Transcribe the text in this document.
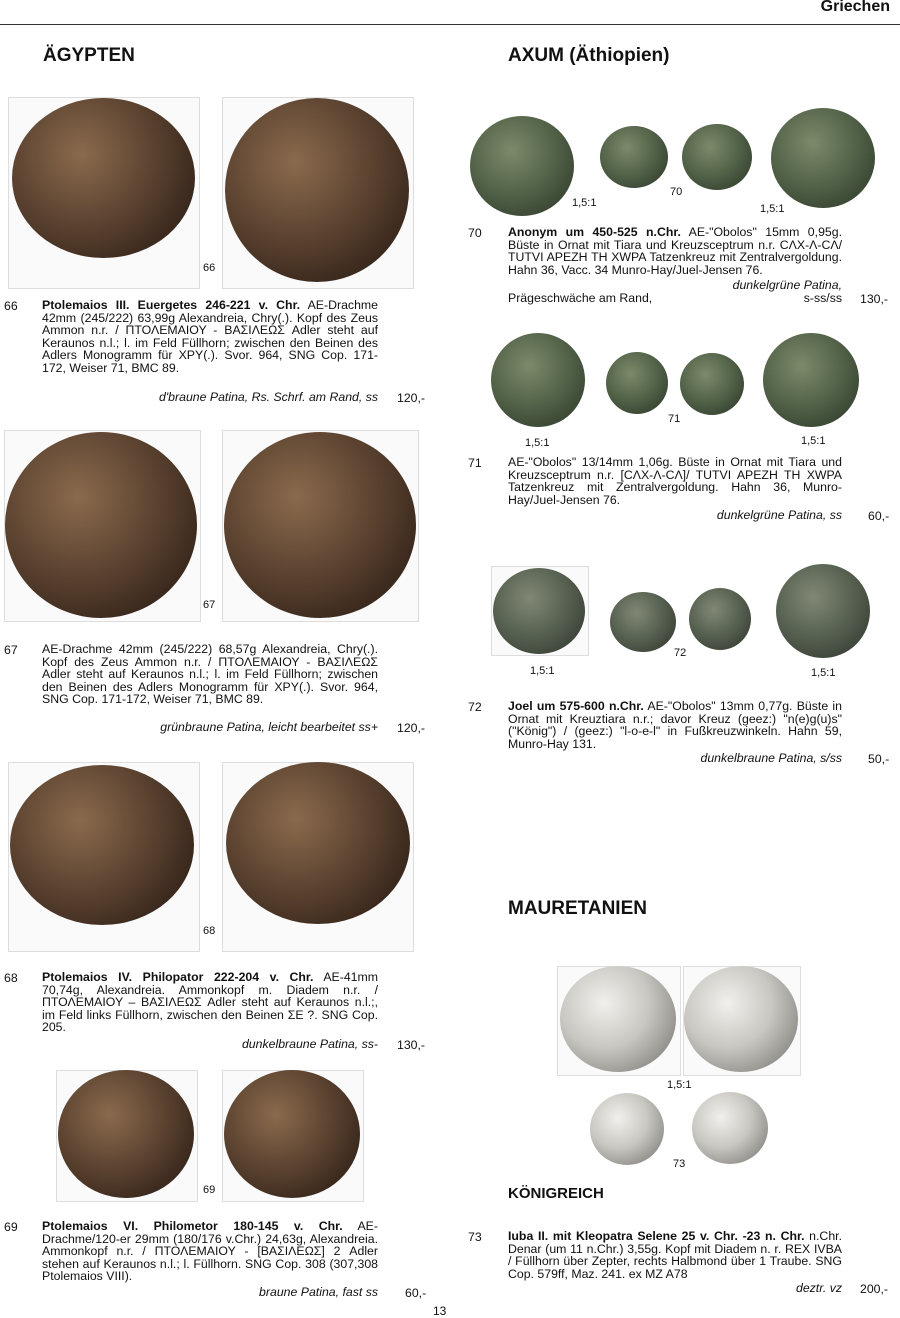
Griechen
ÄGYPTEN	AXUM (Äthiopien)
MAURETANIEN
KÖNIGREICH
66
66 Ptolemaios III. Euergetes 246-221 v. Chr. AE-Drachme 42mm (245/222) 63,99g Alexandreia, Chry(.). Kopf des Zeus Ammon n.r. / ΠΤΟΛΕΜΑΙΟΥ - ΒΑΣΙΛΕΩΣ Adler steht auf Keraunos n.l.; l. im Feld Füllhorn; zwischen den Beinen des Adlers Monogramm für ΧΡΥ(.). Svor. 964, SNG Cop. 171-172, Weiser 71, BMC 89.

d'braune Patina, Rs. Schrf. am Rand, ss 120,-
67
67 AE-Drachme 42mm (245/222) 68,57g Alexandreia, Chry(.). Kopf des Zeus Ammon n.r. / ΠΤΟΛΕΜΑΙΟΥ - ΒΑΣΙΛΕΩΣ Adler steht auf Keraunos n.l.; l. im Feld Füllhorn; zwischen den Beinen des Adlers Monogramm für ΧΡΥ(.). Svor. 964, SNG Cop. 171-172, Weiser 71, BMC 89.
grünbraune Patina, leicht bearbeitet ss+ 120,-
68
68 Ptolemaios IV. Philopator 222-204 v. Chr. AE-41mm 70,74g, Alexandreia. Ammonkopf m. Diadem n.r. / ΠΤΟΛΕΜΑΙΟΥ – ΒΑΣΙΛΕΩΣ Adler steht auf Keraunos n.l.;, im Feld links Füllhorn, zwischen den Beinen ΣΕ ?. SNG Cop. 205.

dunkelbraune Patina, ss- 130,-
69
69 Ptolemaios VI. Philometor 180-145 v. Chr. AE-Drachme/120-er 29mm (180/176 v.Chr.) 24,63g, Alexandreia. Ammonkopf n.r. / ΠΤΟΛΕΜΑΙΟΥ - [ΒΑΣΙΛΕΩΣ] 2 Adler stehen auf Keraunos n.l.; l. Füllhorn. SNG Cop. 308 (307,308 Ptolemaios VIII).

braune Patina, fast ss 60,-
1,5:1
70
1,5:1
70 Anonym um 450-525 n.Chr. AE-"Obolos" 15mm 0,95g. Büste in Ornat mit Tiara und Kreuzsceptrum n.r. CΛX-Λ-CΛ/ TUTVI APEZH TH XWPA Tatzenkreuz mit Zentralvergoldung. Hahn 36, Vacc. 34 Munro-Hay/Juel-Jensen 76.

dunkelgrüne Patina,
Prägeschwäche am Rand,	s-ss/ss 130,-
71
1,5:1	1,5:1
71 AE-"Obolos" 13/14mm 1,06g. Büste in Ornat mit Tiara und Kreuzsceptrum n.r. [CΛX-Λ-CΛ]/ TUTVI APEZH TH XWPA Tatzenkreuz mit Zentralvergoldung. Hahn 36, Munro-Hay/Juel-Jensen 76.
dunkelgrüne Patina, ss 60,-
72
1,5:1	1,5:1
72 Joel um 575-600 n.Chr. AE-"Obolos" 13mm 0,77g. Büste in Ornat mit Kreuztiara n.r.; davor Kreuz (geez:) "n(e)g(u)s" ("König") / (geez:) "l-o-e-l" in Fußkreuzwinkeln. Hahn 59, Munro-Hay 131.

dunkelbraune Patina, s/ss 50,-
1,5:1
73
73 Iuba II. mit Kleopatra Selene 25 v. Chr. -23 n. Chr. n.Chr. Denar (um 11 n.Chr.) 3,55g. Kopf mit Diadem n. r. REX IVBA / Füllhorn über Zepter, rechts Halbmond über 1 Traube. SNG Cop. 579ff, Maz. 241. ex MZ A78

deztr. vz 200,-
13
